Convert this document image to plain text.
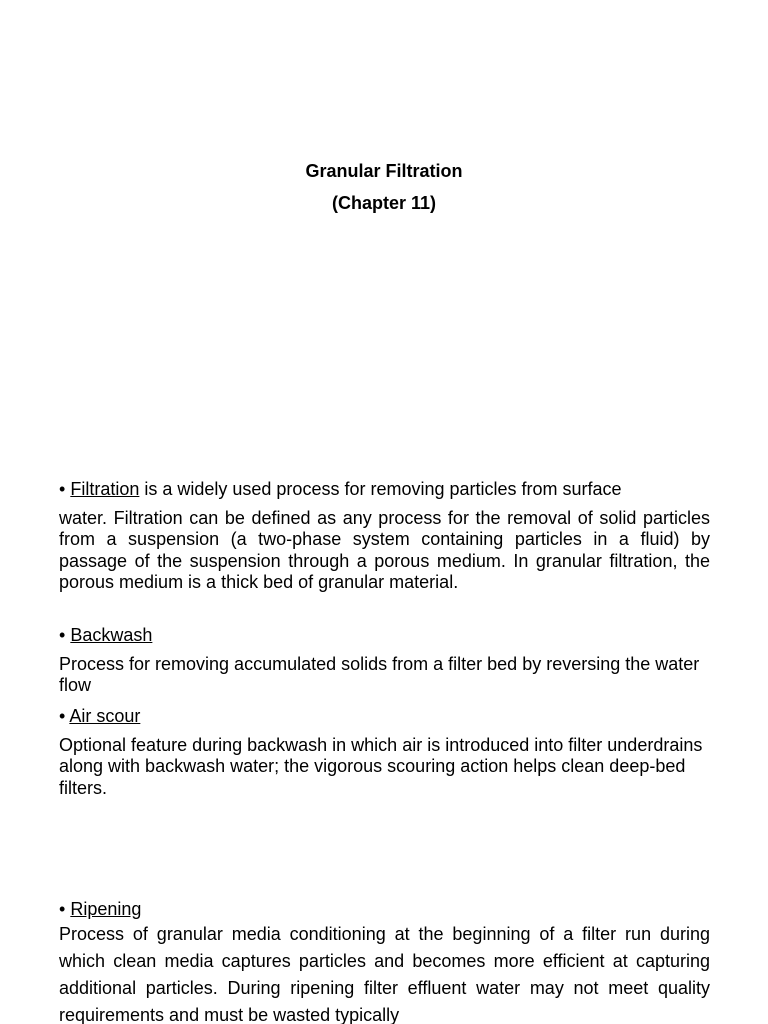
Granular Filtration
(Chapter 11)
• Filtration is a widely used process for removing particles from surface
water. Filtration can be defined as any process for the removal of solid particles from a suspension (a two-phase system containing particles in a fluid) by passage of the suspension through a porous medium. In granular filtration, the porous medium is a thick bed of granular material.
• Backwash
Process for removing accumulated solids from a filter bed by reversing the water flow
• Air scour
Optional feature during backwash in which air is introduced into filter underdrains along with backwash water; the vigorous scouring action helps clean deep-bed filters.
• Ripening
Process of granular media conditioning at the beginning of a filter run during which clean media captures particles and becomes more efficient at capturing additional particles. During ripening filter effluent water may not meet quality requirements and must be wasted typically
